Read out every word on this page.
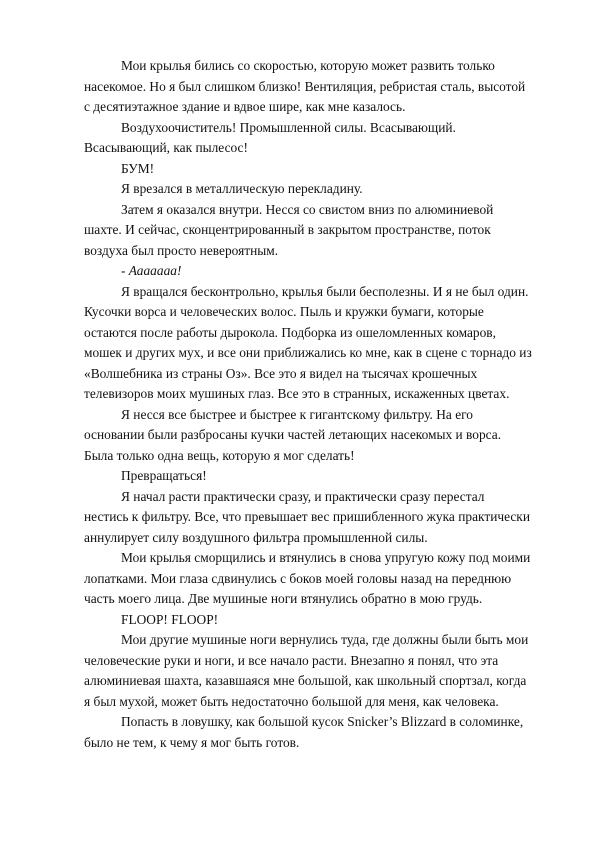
Мои крылья бились со скоростью, которую может развить только насекомое. Но я был слишком близко! Вентиляция, ребристая сталь, высотой с десятиэтажное здание и вдвое шире, как мне казалось.

Воздухоочиститель! Промышленной силы. Всасывающий. Всасывающий, как пылесос!

БУМ!

Я врезался в металлическую перекладину.

Затем я оказался внутри. Несся со свистом вниз по алюминиевой шахте. И сейчас, сконцентрированный в закрытом пространстве, поток воздуха был просто невероятным.

- Ааааааа!

Я вращался бесконтрольно, крылья были бесполезны. И я не был один. Кусочки ворса и человеческих волос. Пыль и кружки бумаги, которые остаются после работы дырокола. Подборка из ошеломленных комаров, мошек и других мух, и все они приближались ко мне, как в сцене с торнадо из «Волшебника из страны Оз». Все это я видел на тысячах крошечных телевизоров моих мушиных глаз. Все это в странных, искаженных цветах.

Я несся все быстрее и быстрее к гигантскому фильтру. На его основании были разбросаны кучки частей летающих насекомых и ворса. Была только одна вещь, которую я мог сделать!

Превращаться!

Я начал расти практически сразу, и практически сразу перестал нестись к фильтру. Все, что превышает вес пришибленного жука практически аннулирует силу воздушного фильтра промышленной силы.

Мои крылья сморщились и втянулись в снова упругую кожу под моими лопатками. Мои глаза сдвинулись с боков моей головы назад на переднюю часть моего лица. Две мушиные ноги втянулись обратно в мою грудь.

FLOOP! FLOOP!

Мои другие мушиные ноги вернулись туда, где должны были быть мои человеческие руки и ноги, и все начало расти. Внезапно я понял, что эта алюминиевая шахта, казавшаяся мне большой, как школьный спортзал, когда я был мухой, может быть недостаточно большой для меня, как человека.

Попасть в ловушку, как большой кусок Snicker’s Blizzard в соломинке, было не тем, к чему я мог быть готов.
